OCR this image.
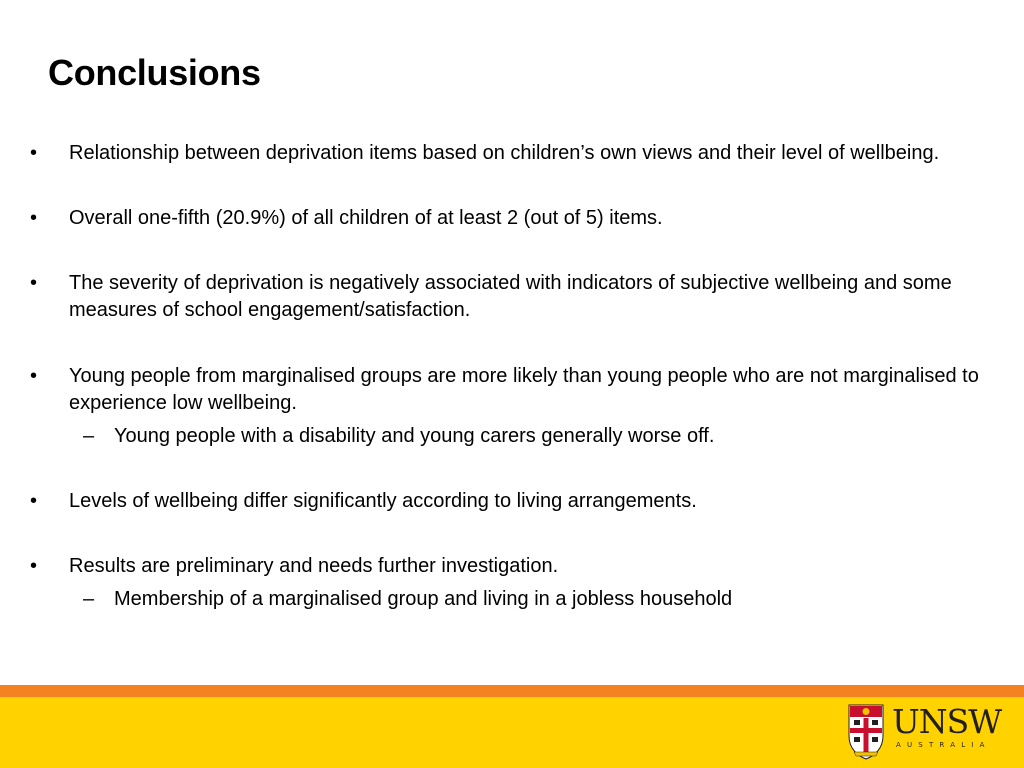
Conclusions
•	Relationship between deprivation items based on children’s own views and their level of wellbeing.
•	Overall one-fifth (20.9%) of all children of at least 2 (out of 5) items.
•	The severity of deprivation is negatively associated with indicators of subjective wellbeing and some measures of school engagement/satisfaction.
•	Young people from marginalised groups are more likely than young people who are not marginalised to experience low wellbeing.
– Young people with a disability and young carers generally worse off.
•	Levels of wellbeing differ significantly according to living arrangements.
•	Results are preliminary and needs further investigation.
– Membership of a marginalised group and living in a jobless household
UNSW
AUSTRALIA
